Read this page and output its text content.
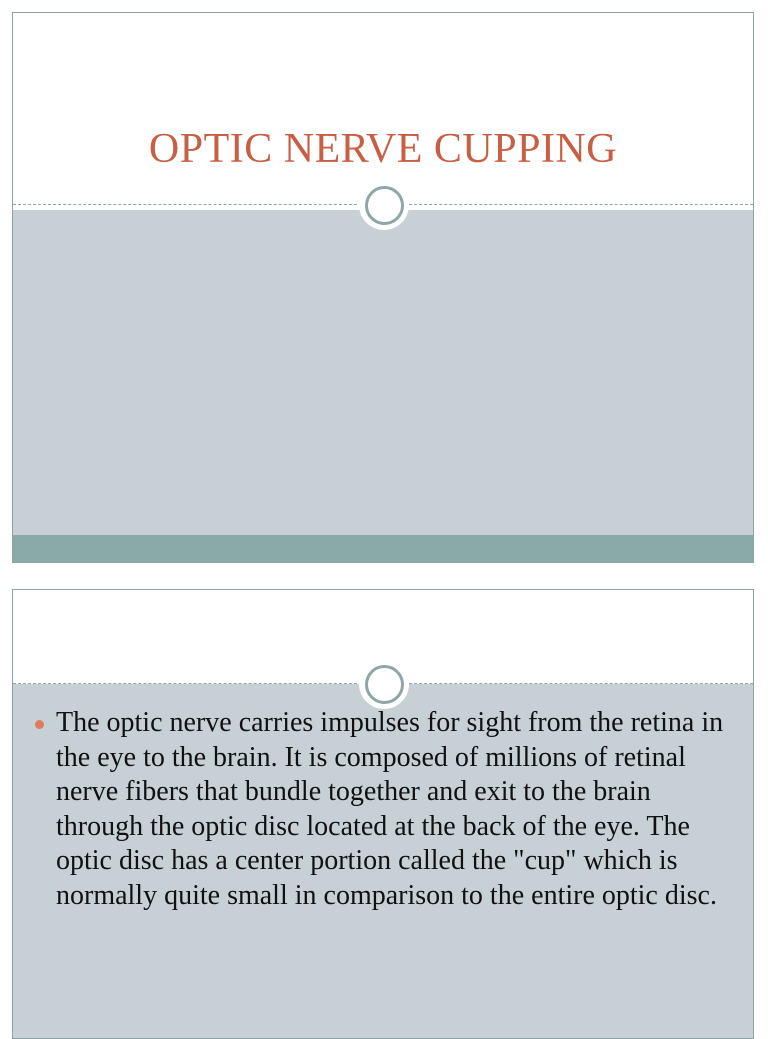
OPTIC NERVE CUPPING
The optic nerve carries impulses for sight from the retina in the eye to the brain. It is composed of millions of retinal nerve fibers that bundle together and exit to the brain through the optic disc located at the back of the eye. The optic disc has a center portion called the "cup" which is normally quite small in comparison to the entire optic disc.
